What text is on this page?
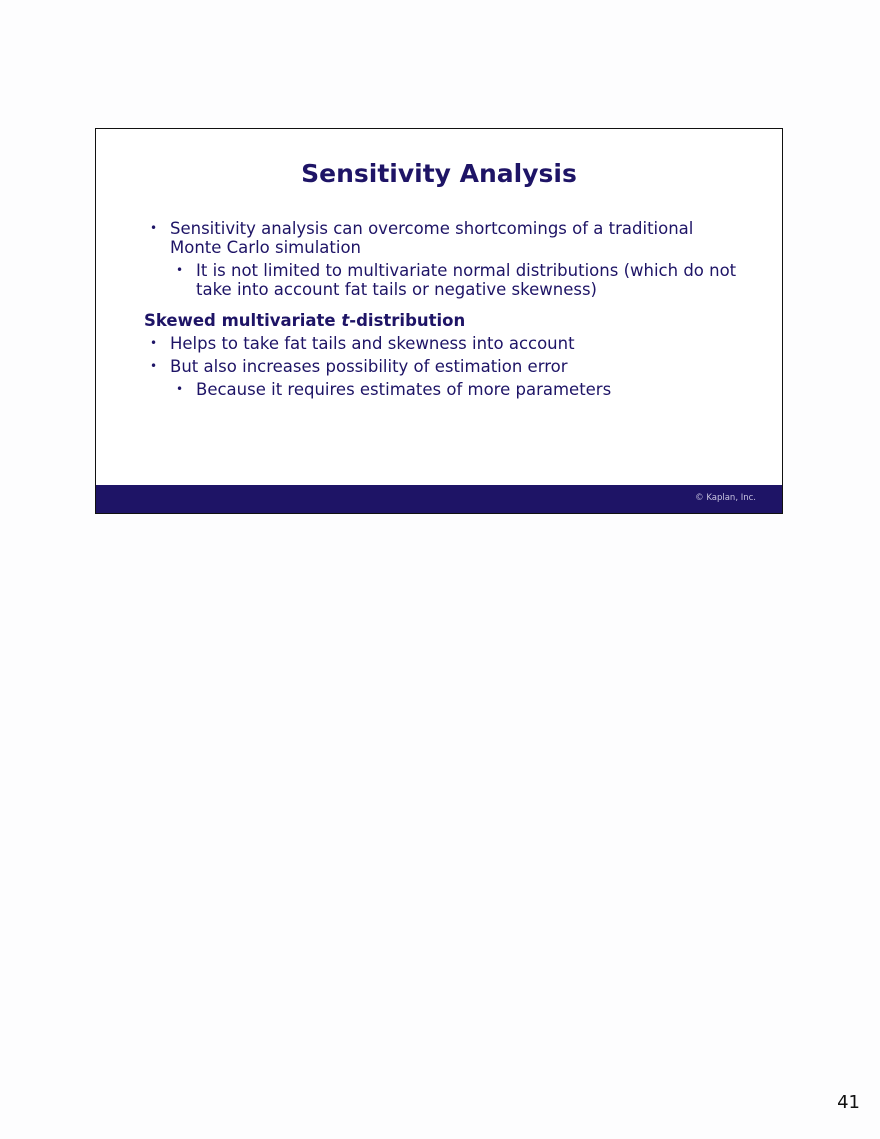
Sensitivity Analysis
• Sensitivity analysis can overcome shortcomings of a traditional Monte Carlo simulation
• It is not limited to multivariate normal distributions (which do not take into account fat tails or negative skewness)
Skewed multivariate t-distribution
• Helps to take fat tails and skewness into account
• But also increases possibility of estimation error
• Because it requires estimates of more parameters
© Kaplan, Inc.
41
